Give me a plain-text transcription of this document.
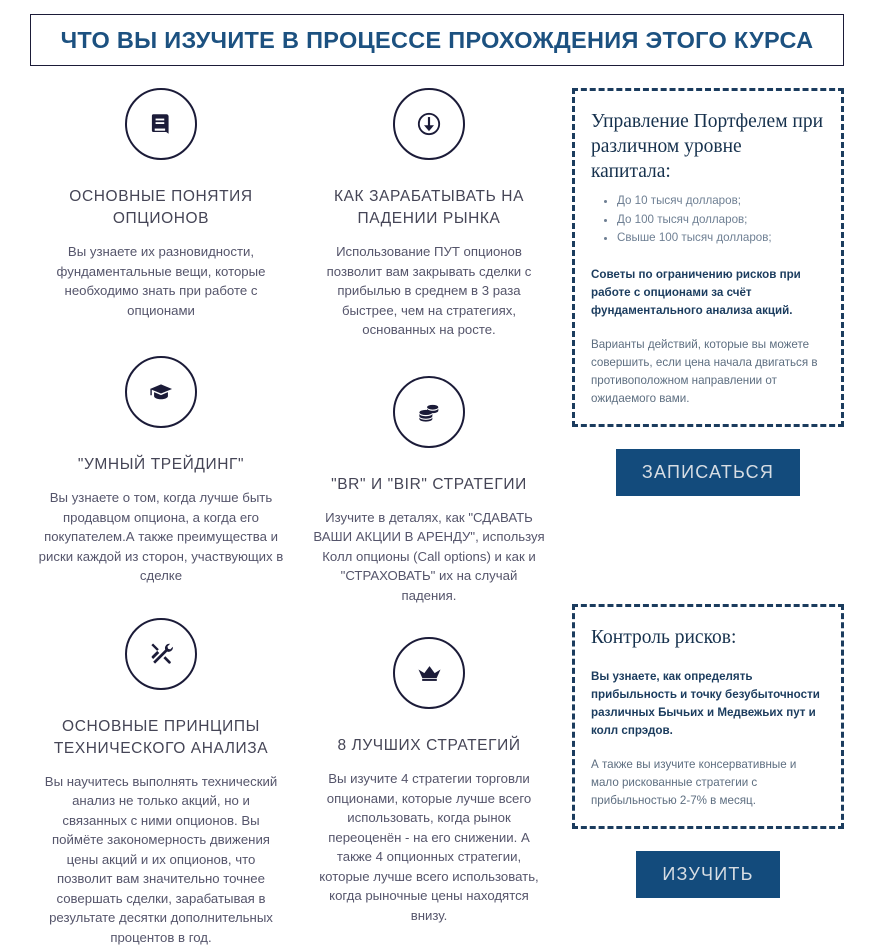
ЧТО ВЫ ИЗУЧИТЕ В ПРОЦЕССЕ ПРОХОЖДЕНИЯ ЭТОГО КУРСА
ОСНОВНЫЕ ПОНЯТИЯ ОПЦИОНОВ
Вы узнаете их разновидности, фундаментальные вещи, которые необходимо знать при работе с опционами
"УМНЫЙ ТРЕЙДИНГ"
Вы узнаете о том, когда лучше быть продавцом опциона, а когда его покупателем.А также преимущества и риски каждой из сторон, участвующих в сделке
ОСНОВНЫЕ ПРИНЦИПЫ ТЕХНИЧЕСКОГО АНАЛИЗА
Вы научитесь выполнять технический анализ не только акций, но и связанных с ними опционов. Вы поймёте закономерность движения цены акций и их опционов, что позволит вам значительно точнее совершать сделки, зарабатывая в результате десятки дополнительных процентов в год.
КАК ЗАРАБАТЫВАТЬ НА ПАДЕНИИ РЫНКА
Использование ПУТ опционов позволит вам закрывать сделки с прибылью в среднем в 3 раза быстрее, чем на стратегиях, основанных на росте.
"BR" И "BIR" СТРАТЕГИИ
Изучите в деталях, как "СДАВАТЬ ВАШИ АКЦИИ В АРЕНДУ", используя Колл опционы (Call options) и как и "СТРАХОВАТЬ" их на случай падения.
8 ЛУЧШИХ СТРАТЕГИЙ
Вы изучите 4 стратегии торговли опционами, которые лучше всего использовать, когда рынок переоценён - на его снижении. А также 4 опционных стратегии, которые лучше всего использовать, когда рыночные цены находятся внизу.
Управление Портфелем при различном уровне капитала:
• До 10 тысяч долларов;
• До 100 тысяч долларов;
• Свыше 100 тысяч долларов;

Советы по ограничению рисков при работе с опционами за счёт фундаментального анализа акций.

Варианты действий, которые вы можете совершить, если цена начала двигаться в противоположном направлении от ожидаемого вами.

ЗАПИСАТЬСЯ
Контроль рисков:

Вы узнаете, как определять прибыльность и точку безубыточности различных Бычьих и Медвежьих пут и колл спрэдов.

А также вы изучите консервативные и мало рискованные стратегии с прибыльностью 2-7% в месяц.

ИЗУЧИТЬ
